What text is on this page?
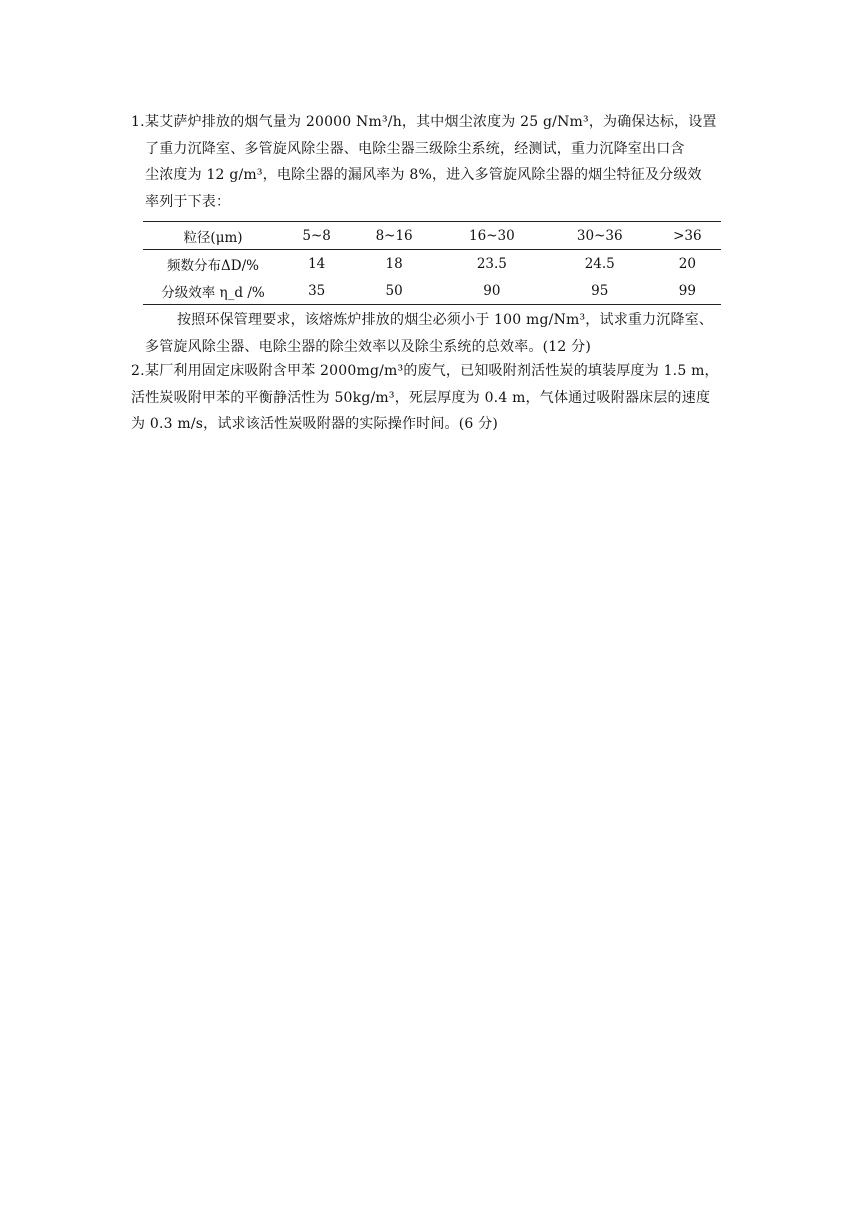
1.某艾萨炉排放的烟气量为 20000 Nm³/h，其中烟尘浓度为 25 g/Nm³，为确保达标，设置
了重力沉降室、多管旋风除尘器、电除尘器三级除尘系统，经测试，重力沉降室出口含
尘浓度为 12 g/m³，电除尘器的漏风率为 8%，进入多管旋风除尘器的烟尘特征及分级效
率列于下表：
粒径(μm)	5~8	8~16	16~30	30~36	>36
频数分布ΔD/%	14	18	23.5	24.5	20
分级效率 η_d /%	35	50	90	95	99
按照环保管理要求，该熔炼炉排放的烟尘必须小于 100 mg/Nm³，试求重力沉降室、
多管旋风除尘器、电除尘器的除尘效率以及除尘系统的总效率。(12 分)
2.某厂利用固定床吸附含甲苯 2000mg/m³的废气，已知吸附剂活性炭的填装厚度为 1.5 m，
活性炭吸附甲苯的平衡静活性为 50kg/m³，死层厚度为 0.4 m，气体通过吸附器床层的速度
为 0.3 m/s，试求该活性炭吸附器的实际操作时间。(6 分)
